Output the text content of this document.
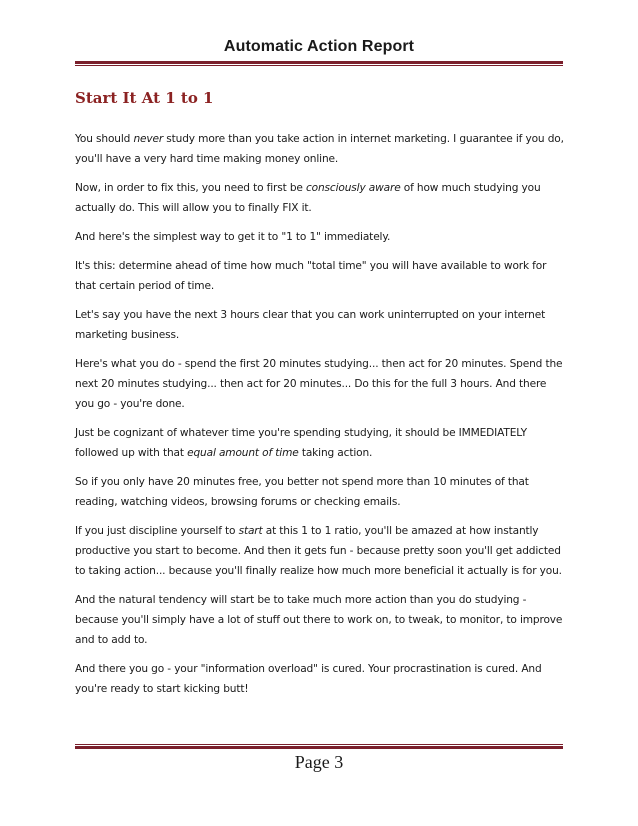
Automatic Action Report
Start It At 1 to 1

You should never study more than you take action in internet marketing. I guarantee if you do, you'll have a very hard time making money online.

Now, in order to fix this, you need to first be consciously aware of how much studying you actually do. This will allow you to finally FIX it.

And here's the simplest way to get it to "1 to 1" immediately.

It's this: determine ahead of time how much "total time" you will have available to work for that certain period of time.

Let's say you have the next 3 hours clear that you can work uninterrupted on your internet marketing business.

Here's what you do - spend the first 20 minutes studying... then act for 20 minutes. Spend the next 20 minutes studying... then act for 20 minutes... Do this for the full 3 hours. And there you go - you're done.

Just be cognizant of whatever time you're spending studying, it should be IMMEDIATELY followed up with that equal amount of time taking action.

So if you only have 20 minutes free, you better not spend more than 10 minutes of that reading, watching videos, browsing forums or checking emails.

If you just discipline yourself to start at this 1 to 1 ratio, you'll be amazed at how instantly productive you start to become. And then it gets fun - because pretty soon you'll get addicted to taking action... because you'll finally realize how much more beneficial it actually is for you.

And the natural tendency will start be to take much more action than you do studying - because you'll simply have a lot of stuff out there to work on, to tweak, to monitor, to improve and to add to.

And there you go - your "information overload" is cured. Your procrastination is cured. And you're ready to start kicking butt!

Page 3
